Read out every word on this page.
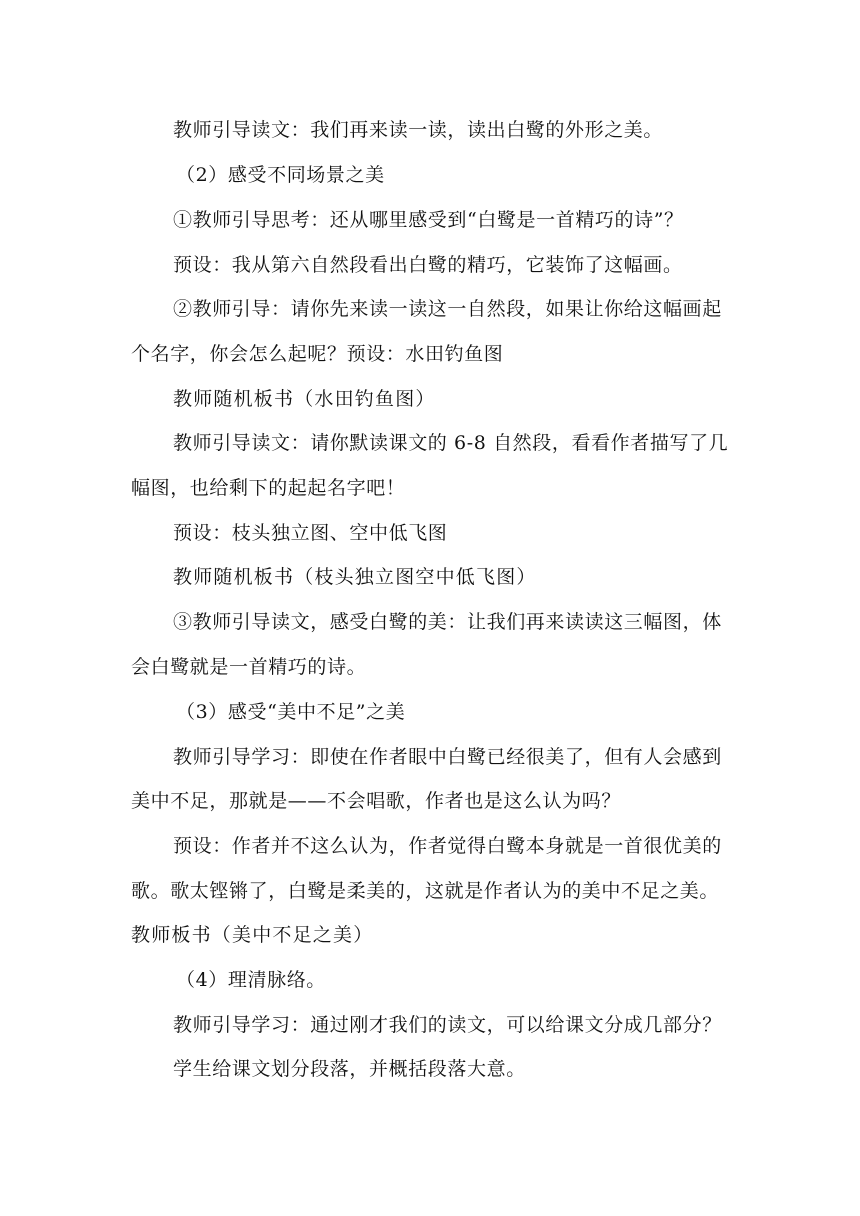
教师引导读文：我们再来读一读，读出白鹭的外形之美。
（2）感受不同场景之美
①教师引导思考：还从哪里感受到“白鹭是一首精巧的诗”？
预设：我从第六自然段看出白鹭的精巧，它装饰了这幅画。
②教师引导：请你先来读一读这一自然段，如果让你给这幅画起
个名字，你会怎么起呢？预设：水田钓鱼图
教师随机板书（水田钓鱼图）
教师引导读文：请你默读课文的 6-8 自然段，看看作者描写了几
幅图，也给剩下的起起名字吧！
预设：枝头独立图、空中低飞图
教师随机板书（枝头独立图空中低飞图）
③教师引导读文，感受白鹭的美：让我们再来读读这三幅图，体
会白鹭就是一首精巧的诗。
（3）感受“美中不足”之美
教师引导学习：即使在作者眼中白鹭已经很美了，但有人会感到
美中不足，那就是——不会唱歌，作者也是这么认为吗？
预设：作者并不这么认为，作者觉得白鹭本身就是一首很优美的
歌。歌太铿锵了，白鹭是柔美的，这就是作者认为的美中不足之美。
教师板书（美中不足之美）
（4）理清脉络。
教师引导学习：通过刚才我们的读文，可以给课文分成几部分？
学生给课文划分段落，并概括段落大意。
